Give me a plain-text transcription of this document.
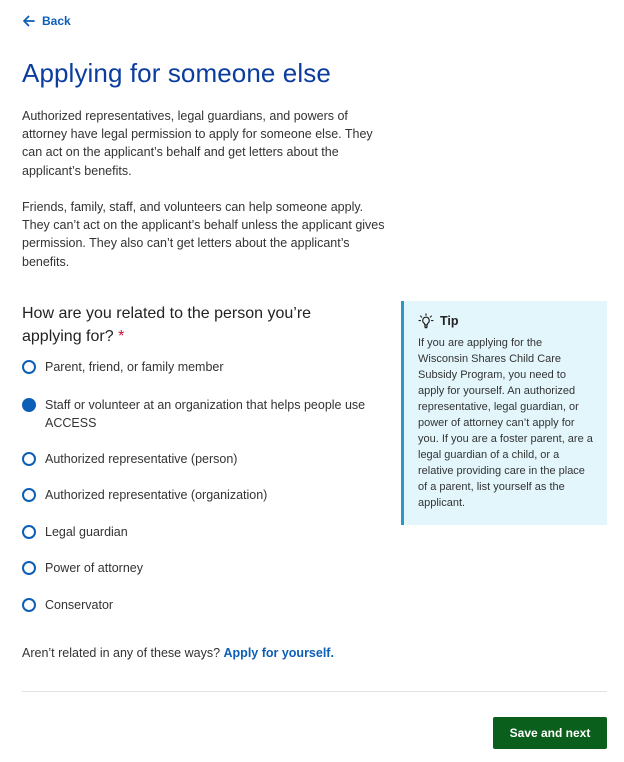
Back
Applying for someone else

Authorized representatives, legal guardians, and powers of attorney have legal permission to apply for someone else. They can act on the applicant’s behalf and get letters about the applicant’s benefits.

Friends, family, staff, and volunteers can help someone apply. They can’t act on the applicant’s behalf unless the applicant gives permission. They also can’t get letters about the applicant’s benefits.

How are you related to the person you’re applying for? *
Parent, friend, or family member
Staff or volunteer at an organization that helps people use ACCESS
Authorized representative (person)
Authorized representative (organization)
Legal guardian
Power of attorney
Conservator
Tip
If you are applying for the Wisconsin Shares Child Care Subsidy Program, you need to apply for yourself. An authorized representative, legal guardian, or power of attorney can’t apply for you. If you are a foster parent, are a legal guardian of a child, or a relative providing care in the place of a parent, list yourself as the applicant.

Aren’t related in any of these ways? Apply for yourself.

Save and next
